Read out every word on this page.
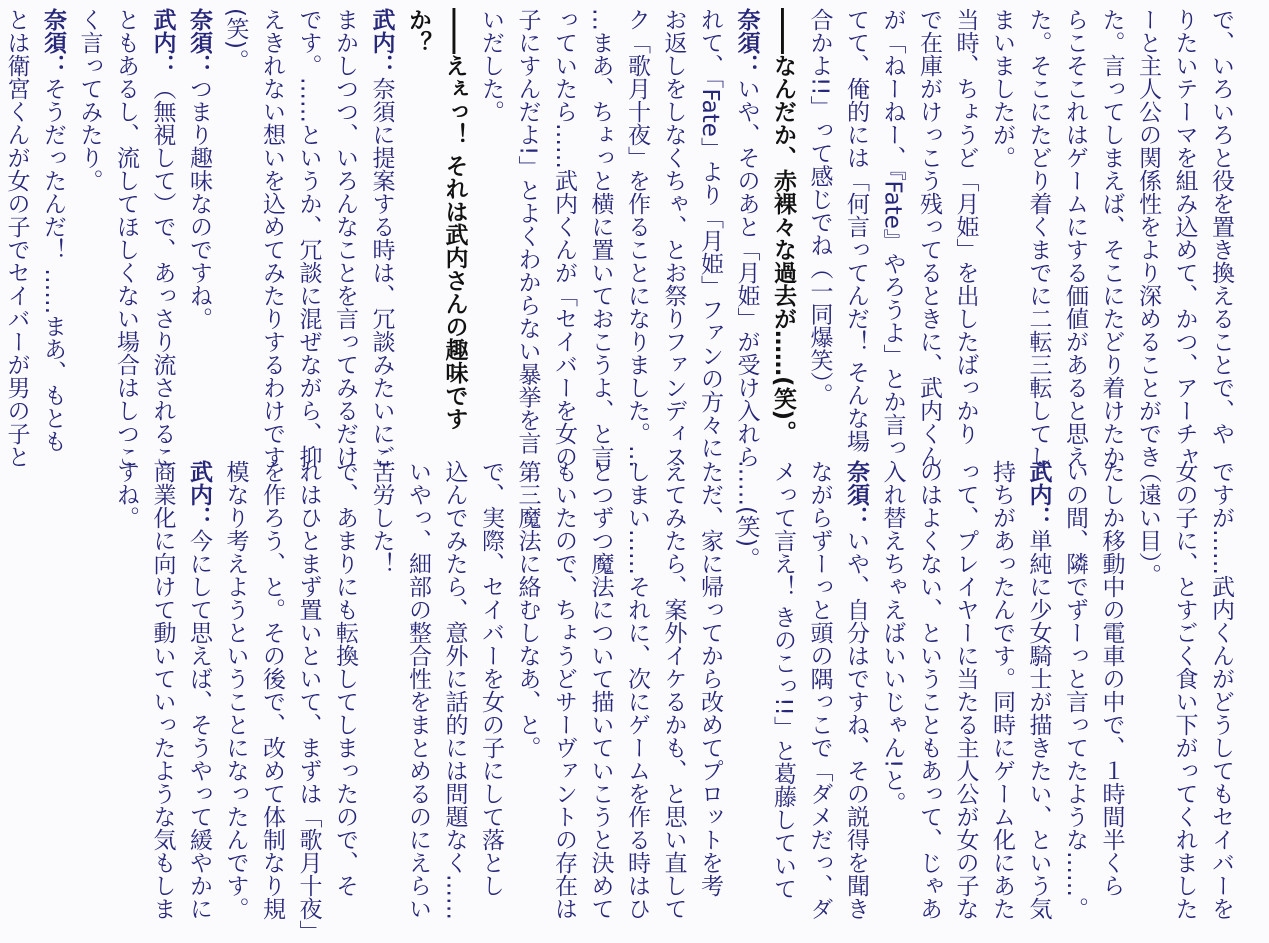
で、いろいろと役を置き換えることで、や
りたいテーマを組み込めて、かつ、アーチャ
ーと主人公の関係性をより深めることができ
た。言ってしまえば、そこにたどり着けたか
らこそこれはゲームにする価値があると思え
た。そこにたどり着くまでに二転三転してし
まいましたが。
当時、ちょうど「月姫」を出したばっかり
で在庫がけっこう残ってるときに、武内くん
が「ねーねー、『Fate』やろうよ」とか言っ
てて、俺的には「何言ってんだ！ そんな場
合かよ!!」って感じでね（一同爆笑）。
――なんだか、赤裸々な過去が……(笑)。
奈須：いや、そのあと「月姫」が受け入れら
れて、「Fate」より「月姫」ファンの方々に
お返しをしなくちゃ、とお祭りファンディス
ク「歌月十夜」を作ることになりました。…
…まあ、ちょっと横に置いておこうよ、と言
っていたら……武内くんが「セイバーを女の
子にすんだよ!」とよくわからない暴挙を言
いだした。
――えぇっ！ それは武内さんの趣味です
か？
武内：奈須に提案する時は、冗談みたいにご
まかしつつ、いろんなことを言ってみるだけ
です。……というか、冗談に混ぜながら、抑
えきれない想いを込めてみたりするわけです
(笑)。
奈須：つまり趣味なのですね。
武内：（無視して）で、あっさり流されるこ
ともあるし、流してほしくない場合はしつこ
く言ってみたり。
奈須：そうだったんだ！ ……まあ、もとも
とは衛宮くんが女の子でセイバーが男の子と
ですが……武内くんがどうしてもセイバーを
女の子に、とすごく食い下がってくれました
（遠い目）。
たしか移動中の電車の中で、１時間半くら
いの間、隣でずーっと言ってたような……。
武内：単純に少女騎士が描きたい、という気
持ちがあったんです。同時にゲーム化にあた
って、プレイヤーに当たる主人公が女の子な
のはよくない、ということもあって、じゃあ
入れ替えちゃえばいいじゃん!と。
奈須：いや、自分はですね、その説得を聞き
ながらずーっと頭の隅っこで「ダメだっ、ダ
メって言え！ きのこっ!!」と葛藤していて
……(笑)。
ただ、家に帰ってから改めてプロットを考
えてみたら、案外イケるかも、と思い直して
しまい……それに、次にゲームを作る時はひ
とつずつ魔法について描いていこうと決めて
もいたので、ちょうどサーヴァントの存在は
第三魔法に絡むしなあ、と。
で、実際、セイバーを女の子にして落とし
込んでみたら、意外に話的には問題なく……
いやっ、細部の整合性をまとめるのにえらい
苦労した！
で、あまりにも転換してしまったので、そ
れはひとまず置いといて、まずは「歌月十夜」
を作ろう、と。その後で、改めて体制なり規
模なり考えようということになったんです。
武内：今にして思えば、そうやって緩やかに
商業化に向けて動いていったような気もしま
すね。
